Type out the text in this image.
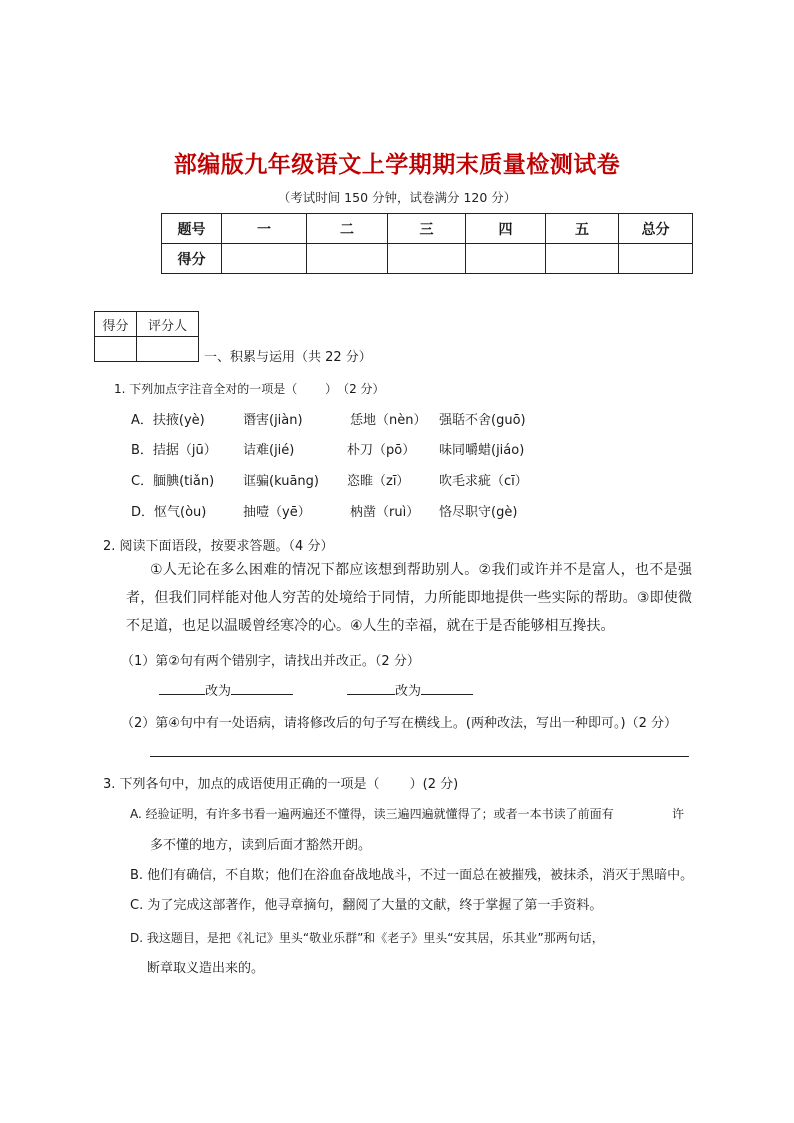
部编版九年级语文上学期期末质量检测试卷
（考试时间 150 分钟，试卷满分 120 分）
题号	一	二	三	四	五	总分
得分						
得分	评分人

一、积累与运用（共 22 分）
1. 下列加点字注音全对的一项是（　　 ）　（2 分）
A．扶掖(yè)	谮害(jiàn)	恁地（nèn） 强聒不舍(guō)
B．拮据（jū） 诘难(jié)	朴刀（pō） 味同嚼蜡(jiáo)
C．腼腆(tiǎn) 诓骗(kuāng) 恣睢（zī） 吹毛求疵（cī）
D．怄气(òu)	抽噎（yē）	枘凿（ruì） 恪尽职守(gè)
2. 阅读下面语段，按要求答题。（4 分）
①人无论在多么困难的情况下都应该想到帮助别人。②我们或许并不是富人，也不是强者，但我们同样能对他人穷苦的处境给于同情，力所能即地提供一些实际的帮助。③即使微不足道，也足以温暖曾经寒冷的心。④人生的幸福，就在于是否能够相互搀扶。
（1）第②句有两个错别字，请找出并改正。（2 分）
改为	改为
（2）第④句中有一处语病，请将修改后的句子写在横线上。(两种改法，写出一种即可。)（2 分）
3. 下列各句中，加点的成语使用正确的一项是（　　 ）(2 分)
A. 经验证明，有许多书看一遍两遍还不懂得，读三遍四遍就懂得了；或者一本书读了前面有	许
多不懂的地方，读到后面才豁然开朗。
B. 他们有确信，不自欺；他们在浴血奋战地战斗，不过一面总在被摧残，被抹杀，消灭于黑暗中。
C. 为了完成这部著作，他寻章摘句，翻阅了大量的文献，终于掌握了第一手资料。
D. 我这题目，是把《礼记》里头“敬业乐群”和《老子》里头“安其居，乐其业”那两句话，
断章取义造出来的。
